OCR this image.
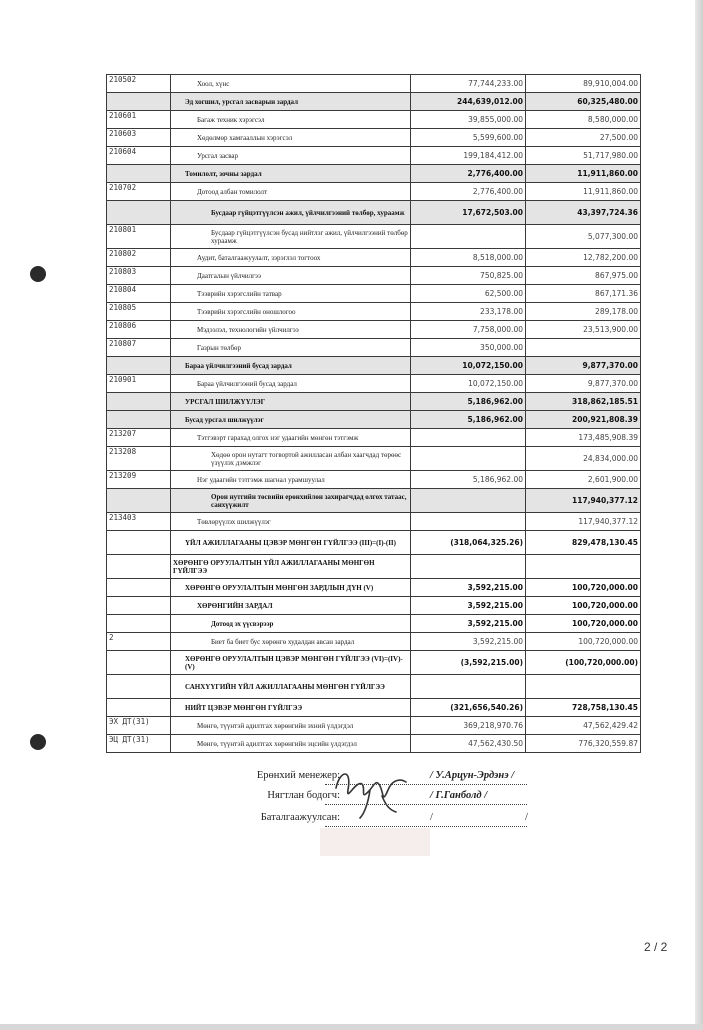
210502	Хоол, хүнс	77,744,233.00	89,910,004.00
	Эд хогшил, урсгал засварын зардал	244,639,012.00	60,325,480.00
210601	Багаж техник хэрэгсэл	39,855,000.00	8,580,000.00
210603	Хөдөлмөр хамгааллын хэрэгсэл	5,599,600.00	27,500.00
210604	Урсгал засвар	199,184,412.00	51,717,980.00
	Томилолт, зочны зардал	2,776,400.00	11,911,860.00
210702	Дотоод албан томилолт	2,776,400.00	11,911,860.00
	Бусдаар гүйцэтгүүлсэн ажил, үйлчилгээний төлбөр, хураамж	17,672,503.00	43,397,724.36
210801	Бусдаар гүйцэтгүүлсэн бусад нийтлэг ажил, үйлчилгээний төлбөр хураамж		5,077,300.00
210802	Аудит, баталгаажуулалт, зэрэглэл тогтоох	8,518,000.00	12,782,200.00
210803	Даатгалын үйлчилгээ	750,825.00	867,975.00
210804	Тээврийн хэрэгслийн татвар	62,500.00	867,171.36
210805	Тээврийн хэрэгслийн оношлогоо	233,178.00	289,178.00
210806	Мэдээлэл, технологийн үйлчилгээ	7,758,000.00	23,513,900.00
210807	Газрын төлбөр	350,000.00	
	Бараа үйлчилгээний бусад зардал	10,072,150.00	9,877,370.00
210901	Бараа үйлчилгээний бусад зардал	10,072,150.00	9,877,370.00
	УРСГАЛ ШИЛЖҮҮЛЭГ	5,186,962.00	318,862,185.51
	Бусад урсгал шилжүүлэг	5,186,962.00	200,921,808.39
213207	Тэтгэвэрт гарахад олгох нэг удаагийн мөнгөн тэтгэмж		173,485,908.39
213208	Хөдөө орон нутагт тогвортой ажилласан албан хаагчдад төрөөс үзүүлэх дэмжлэг		24,834,000.00
213209	Нэг удаагийн тэтгэмж шагнал урамшуулал	5,186,962.00	2,601,900.00
	Орон нутгийн төсвийн ерөнхийлөн захирагчдад олгох татаас, санхүүжилт		117,940,377.12
213403	Төвлөрүүлэх шилжүүлэг		117,940,377.12
	ҮЙЛ АЖИЛЛАГААНЫ ЦЭВЭР МӨНГӨН ГҮЙЛГЭЭ (III)=(I)-(II)	(318,064,325.26)	829,478,130.45
	ХӨРӨНГӨ ОРУУЛАЛТЫН ҮЙЛ АЖИЛЛАГААНЫ МӨНГӨН ГҮЙЛГЭЭ		
	ХӨРӨНГӨ ОРУУЛАЛТЫН МӨНГӨН ЗАРДЛЫН ДҮН (V)	3,592,215.00	100,720,000.00
	ХӨРӨНГИЙН ЗАРДАЛ	3,592,215.00	100,720,000.00
	Дотоод эх үүсвэрээр	3,592,215.00	100,720,000.00
2	Биет ба биет бус хөрөнгө худалдан авсан зардал	3,592,215.00	100,720,000.00
	ХӨРӨНГӨ ОРУУЛАЛТЫН ЦЭВЭР МӨНГӨН ГҮЙЛГЭЭ (VI)=(IV)-(V)	(3,592,215.00)	(100,720,000.00)
	САНХҮҮГИЙН ҮЙЛ АЖИЛЛАГААНЫ МӨНГӨН ГҮЙЛГЭЭ		
	НИЙТ ЦЭВЭР МӨНГӨН ГҮЙЛГЭЭ	(321,656,540.26)	728,758,130.45
ЭХ ДТ(31)	Мөнгө, түүнтэй адилтгах хөрөнгийн эхний үлдэгдэл	369,218,970.76	47,562,429.42
ЭЦ ДТ(31)	Мөнгө, түүнтэй адилтгах хөрөнгийн эцсийн үлдэгдэл	47,562,430.50	776,320,559.87
Ерөнхий менежер:	/ У.Арцун-Эрдэнэ /
Нягтлан бодогч:	/ Г.Ганболд /
Баталгаажуулсан:	/	/
2 / 2
